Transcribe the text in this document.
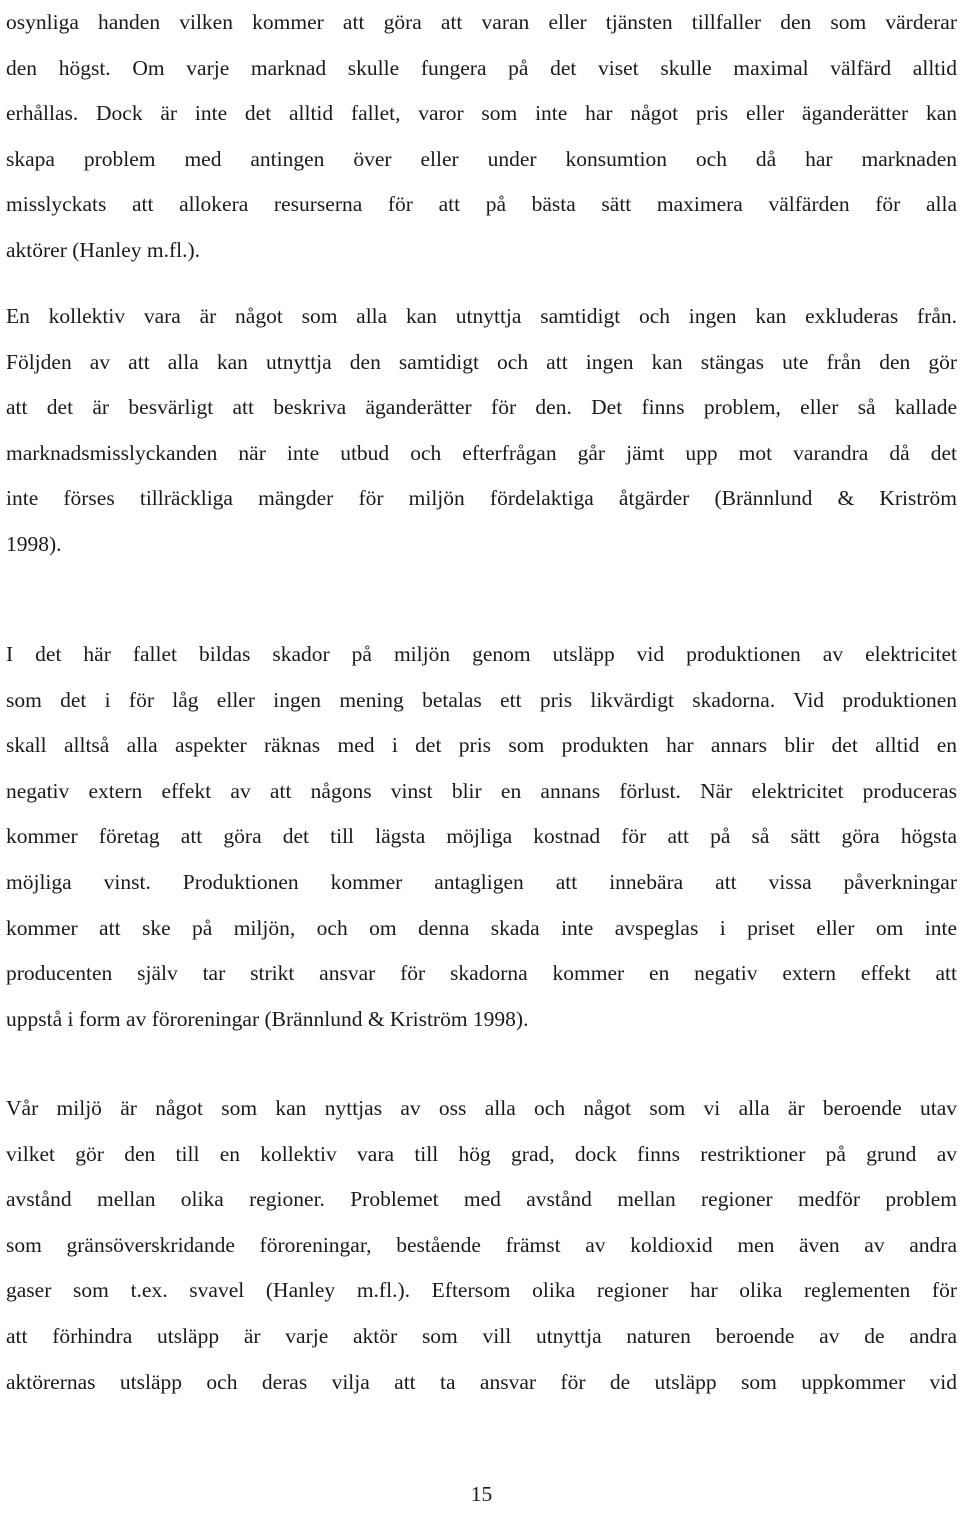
osynliga handen vilken kommer att göra att varan eller tjänsten tillfaller den som värderar
den högst. Om varje marknad skulle fungera på det viset skulle maximal välfärd alltid
erhållas. Dock är inte det alltid fallet, varor som inte har något pris eller äganderätter kan
skapa problem med antingen över eller under konsumtion och då har marknaden
misslyckats att allokera resurserna för att på bästa sätt maximera välfärden för alla
aktörer (Hanley m.fl.).
En kollektiv vara är något som alla kan utnyttja samtidigt och ingen kan exkluderas från.
Följden av att alla kan utnyttja den samtidigt och att ingen kan stängas ute från den gör
att det är besvärligt att beskriva äganderätter för den. Det finns problem, eller så kallade
marknadsmisslyckanden när inte utbud och efterfrågan går jämt upp mot varandra då det
inte förses tillräckliga mängder för miljön fördelaktiga åtgärder (Brännlund & Kriström
1998).
I det här fallet bildas skador på miljön genom utsläpp vid produktionen av elektricitet
som det i för låg eller ingen mening betalas ett pris likvärdigt skadorna. Vid produktionen
skall alltså alla aspekter räknas med i det pris som produkten har annars blir det alltid en
negativ extern effekt av att någons vinst blir en annans förlust. När elektricitet produceras
kommer företag att göra det till lägsta möjliga kostnad för att på så sätt göra högsta
möjliga vinst. Produktionen kommer antagligen att innebära att vissa påverkningar
kommer att ske på miljön, och om denna skada inte avspeglas i priset eller om inte
producenten själv tar strikt ansvar för skadorna kommer en negativ extern effekt att
uppstå i form av föroreningar (Brännlund & Kriström 1998).
Vår miljö är något som kan nyttjas av oss alla och något som vi alla är beroende utav
vilket gör den till en kollektiv vara till hög grad, dock finns restriktioner på grund av
avstånd mellan olika regioner. Problemet med avstånd mellan regioner medför problem
som gränsöverskridande föroreningar, bestående främst av koldioxid men även av andra
gaser som t.ex. svavel (Hanley m.fl.). Eftersom olika regioner har olika reglementen för
att förhindra utsläpp är varje aktör som vill utnyttja naturen beroende av de andra
aktörernas utsläpp och deras vilja att ta ansvar för de utsläpp som uppkommer vid
15
